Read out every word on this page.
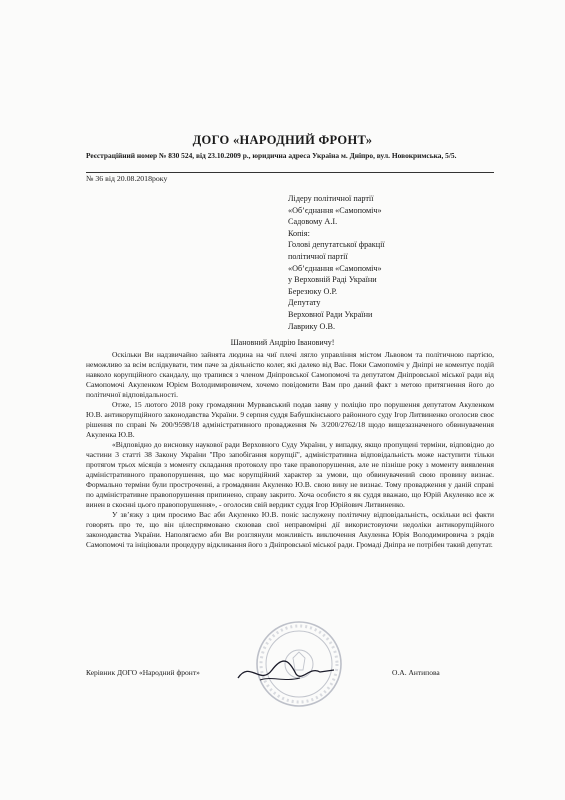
ДОГО «НАРОДНИЙ ФРОНТ»
Реєстраційний номер № 830 524, від 23.10.2009 р., юридична адреса Україна м. Дніпро, вул. Новокримська, 5/5.
№ 36 від 20.08.2018року
Лідеру політичної партії
«Об’єднання «Самопоміч»
Садовому А.І.
Копія:
Голові депутатської фракції
політичної партії
«Об’єднання «Самопоміч»
у Верховній Раді України
Березюку О.Р.
Депутату
Верховної Ради України
Лаврику О.В.
Шановний Андрію Івановичу!

Оскільки Ви надзвичайно зайнята людина на чиї плечі лягло управління містом Львовом та політичною партією, неможливо за всім вслідкувати, тим паче за діяльністю колег, які далеко від Вас. Поки Самопоміч у Дніпрі не коментує подій навколо корупційного скандалу, що трапився з членом Дніпровської Самопомочі та депутатом Дніпровської міської ради від Самопомочі Акуленком Юрієм Володимировичем, хочемо повідомити Вам про даний факт з метою притягнення його до політичної відповідальності.

Отже, 15 лютого 2018 року громадянин Мурвавський подав заяву у поліцію про порушення депутатом Акуленком Ю.В. антикорупційного законодавства України. 9 серпня суддя Бабушкінського районного суду Ігор Литвиненко оголосив своє рішення по справі № 200/9598/18 адміністративного провадження № 3/200/2762/18 щодо вищезазначеного обвинувачення Акуленка Ю.В.

«Відповідно до висновку наукової ради Верховного Суду України, у випадку, якщо пропущені терміни, відповідно до частини 3 статті 38 Закону України "Про запобігання корупції", адміністративна відповідальність може наступити тільки протягом трьох місяців з моменту складання протоколу про таке правопорушення, але не пізніше року з моменту виявлення адміністративного правопорушення, що має корупційний характер за умови, що обвинувачений свою провину визнає. Формально терміни були простроченні, а громадянин Акуленко Ю.В. свою вину не визнає. Тому провадження у даній справі по адміністративне правопорушення припинено, справу закрито. Хоча особисто я як суддя вважаю, що Юрій Акуленко все ж винен в скоєнні цього правопорушення», - оголосив свій вердикт суддя Ігор Юрійович Литвиненко.

У зв’язку з цим просимо Вас аби Акуленко Ю.В. поніс заслужену політичну відповідальність, оскільки всі факти говорять про те, що він цілеспрямовано скоював свої неправомірні дії використовуючи недоліки антикорупційного законодавства України. Наполягаємо аби Ви розглянули можливість виключення Акуленка Юрія Володимировича з рядів Самопомочі та ініціювали процедуру відкликання його з Дніпровської міської ради. Громаді Дніпра не потрібен такий депутат.

Керівник ДОГО «Народний фронт»	О.А. Антипова
